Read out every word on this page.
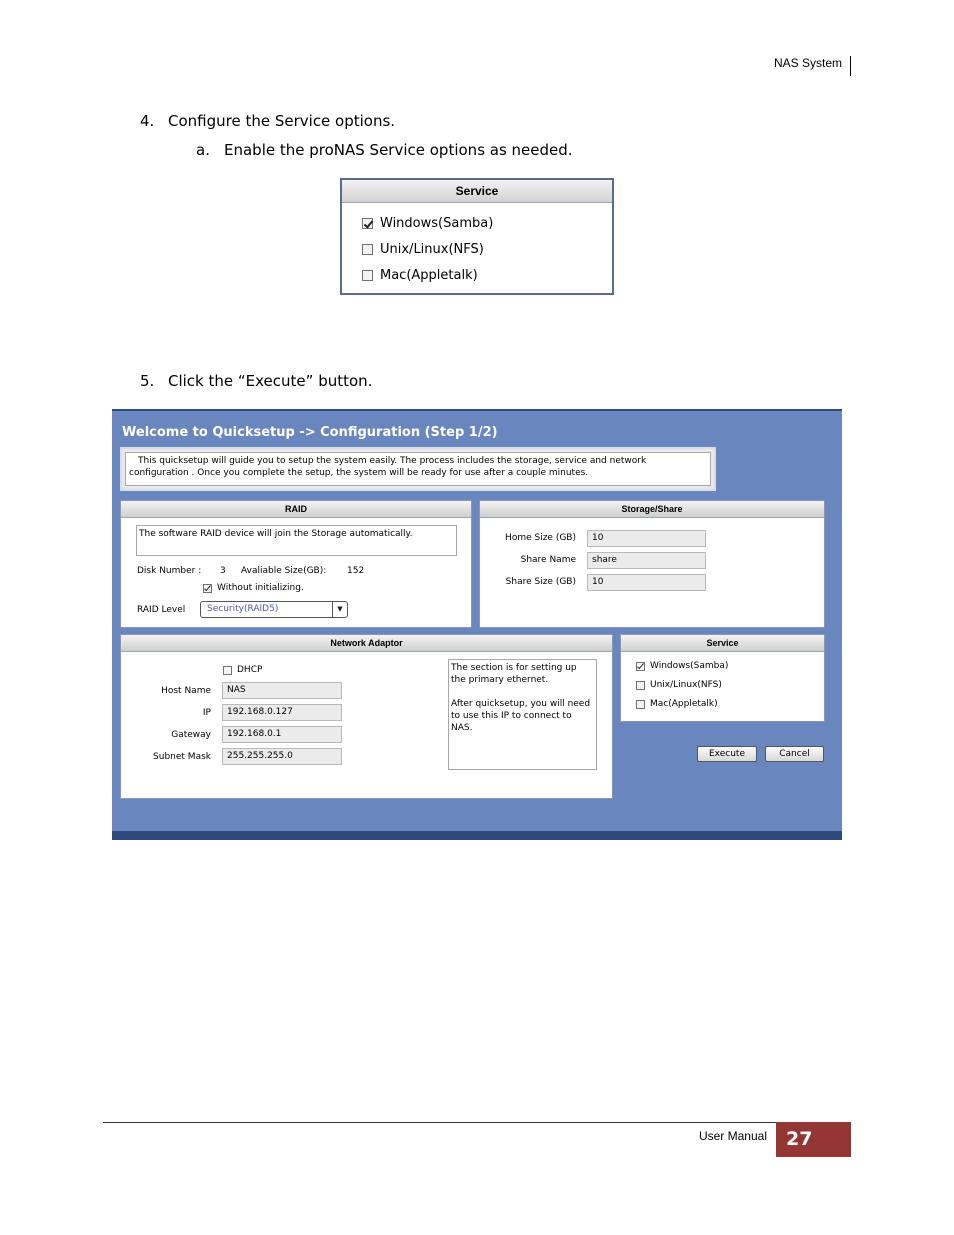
NAS System
4. Configure the Service options.
a. Enable the proNAS Service options as needed.
Service
Windows(Samba)
Unix/Linux(NFS)
Mac(Appletalk)
5. Click the “Execute” button.
Welcome to Quicksetup -> Configuration (Step 1/2)
This quicksetup will guide you to setup the system easily. The process includes the storage, service and network configuration . Once you complete the setup, the system will be ready for use after a couple minutes.
RAID
The software RAID device will join the Storage automatically.
Disk Number : 3 Avaliable Size(GB): 152
Without initializing.
RAID Level	Security(RAID5)	▼
Storage/Share
Home Size (GB)	10
Share Name	share
Share Size (GB)	10
Network Adaptor
DHCP
Host Name	NAS
IP	192.168.0.127
Gateway	192.168.0.1
Subnet Mask	255.255.255.0
The section is for setting up the primary ethernet.
After quicksetup, you will need to use this IP to connect to NAS.
Service
Windows(Samba)
Unix/Linux(NFS)
Mac(Appletalk)
Execute	Cancel
User Manual	27
